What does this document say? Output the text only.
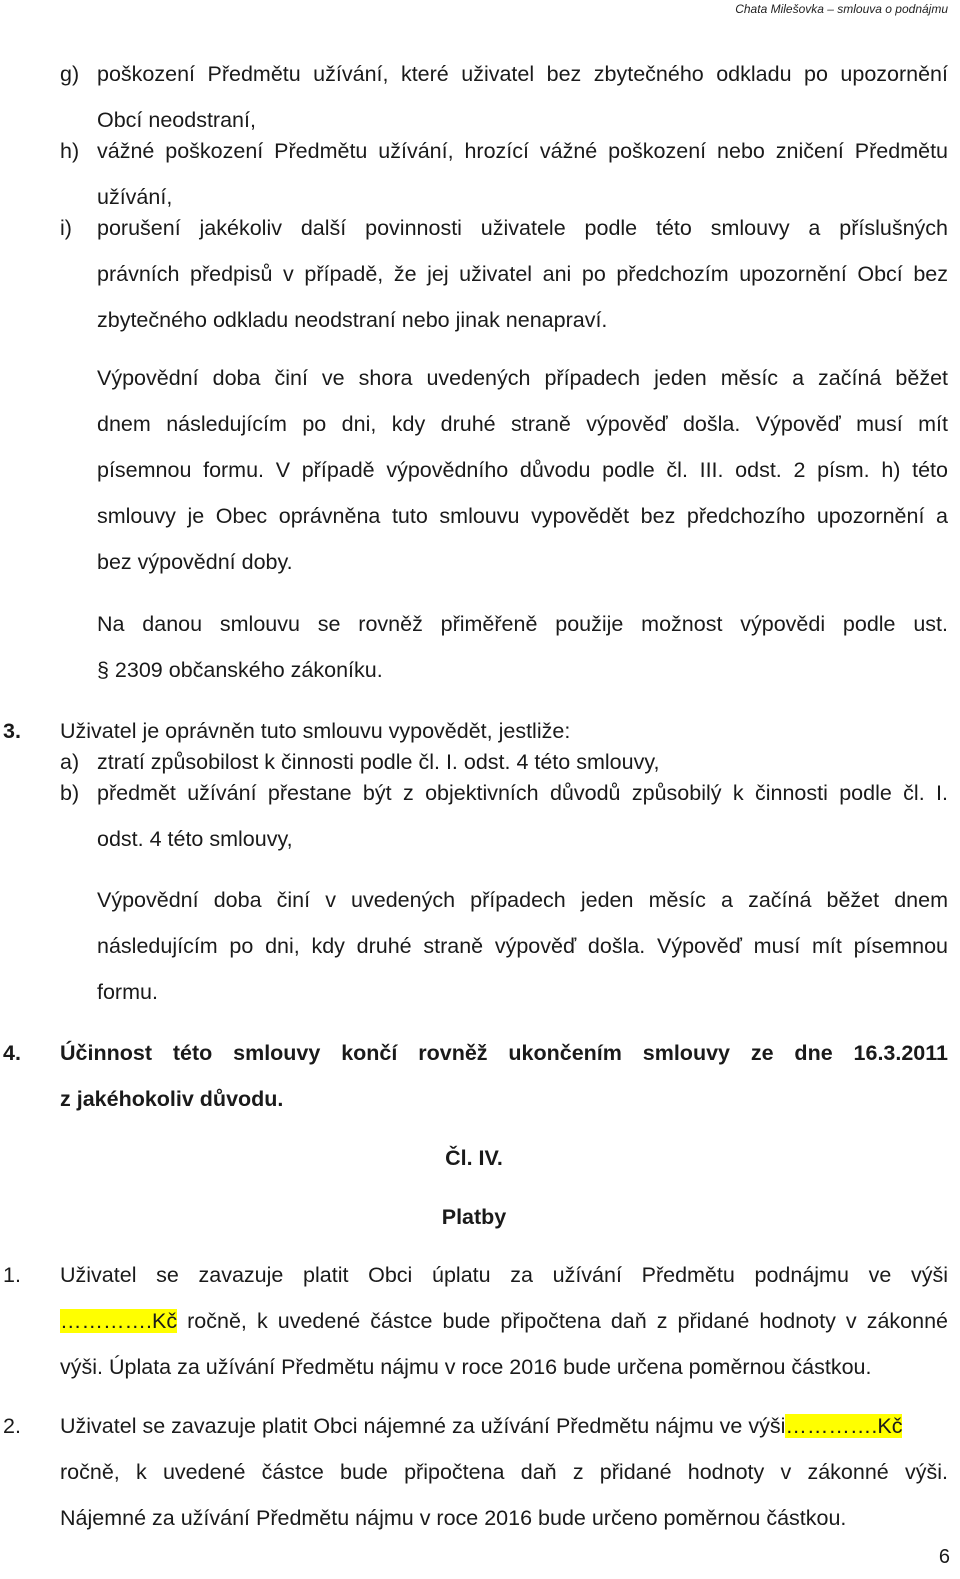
Chata Milešovka – smlouva o podnájmu
g) poškození Předmětu užívání, které uživatel bez zbytečného odkladu po upozornění
Obcí neodstraní,
h) vážné poškození Předmětu užívání, hrozící vážné poškození nebo zničení Předmětu
užívání,
i) porušení jakékoliv další povinnosti uživatele podle této smlouvy a příslušných
právních předpisů v případě, že jej uživatel ani po předchozím upozornění Obcí bez
zbytečného odkladu neodstraní nebo jinak nenapraví.
Výpovědní doba činí ve shora uvedených případech jeden měsíc a začíná běžet
dnem následujícím po dni, kdy druhé straně výpověď došla. Výpověď musí mít
písemnou formu. V případě výpovědního důvodu podle čl. III. odst. 2 písm. h) této
smlouvy je Obec oprávněna tuto smlouvu vypovědět bez předchozího upozornění a
bez výpovědní doby.
Na danou smlouvu se rovněž přiměřeně použije možnost výpovědi podle ust.
§ 2309 občanského zákoníku.
3. Uživatel je oprávněn tuto smlouvu vypovědět, jestliže:
a) ztratí způsobilost k činnosti podle čl. I. odst. 4 této smlouvy,
b) předmět užívání přestane být z objektivních důvodů způsobilý k činnosti podle čl. I.
odst. 4 této smlouvy,
Výpovědní doba činí v uvedených případech jeden měsíc a začíná běžet dnem
následujícím po dni, kdy druhé straně výpověď došla. Výpověď musí mít písemnou
formu.
4. Účinnost této smlouvy končí rovněž ukončením smlouvy ze dne 16.3.2011
z jakéhokoliv důvodu.
Čl. IV.
Platby
1. Uživatel se zavazuje platit Obci úplatu za užívání Předmětu podnájmu ve výši
………….Kč ročně, k uvedené částce bude připočtena daň z přidané hodnoty v zákonné
výši. Úplata za užívání Předmětu nájmu v roce 2016 bude určena poměrnou částkou.
2. Uživatel se zavazuje platit Obci nájemné za užívání Předmětu nájmu ve výši………….Kč
ročně, k uvedené částce bude připočtena daň z přidané hodnoty v zákonné výši.
Nájemné za užívání Předmětu nájmu v roce 2016 bude určeno poměrnou částkou.
6
